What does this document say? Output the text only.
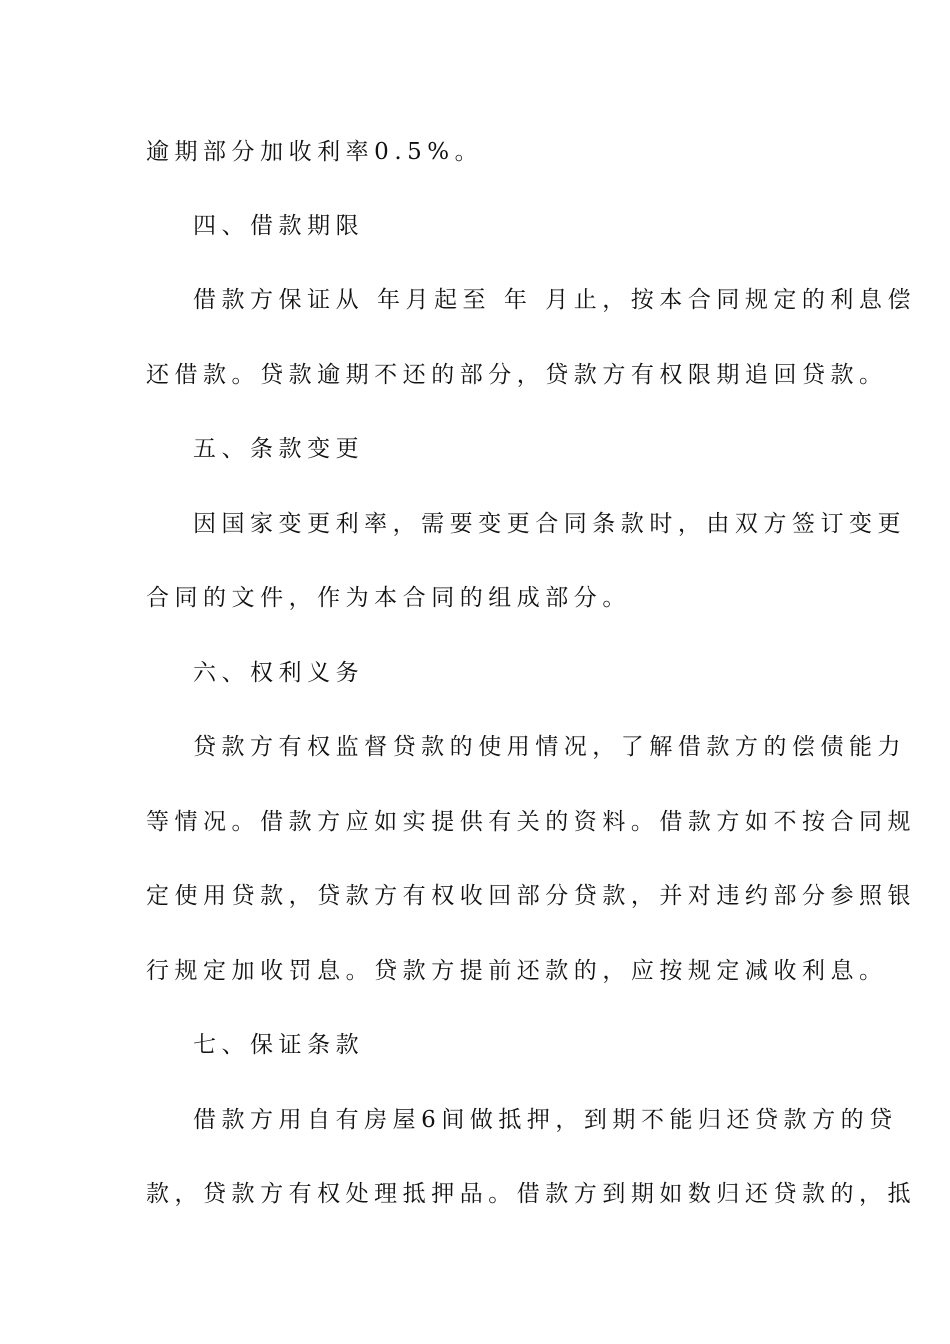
逾期部分加收利率0.5%。
四、借款期限
借款方保证从 年月起至 年 月止，按本合同规定的利息偿
还借款。贷款逾期不还的部分，贷款方有权限期追回贷款。
五、条款变更
因国家变更利率，需要变更合同条款时，由双方签订变更
合同的文件，作为本合同的组成部分。
六、权利义务
贷款方有权监督贷款的使用情况，了解借款方的偿债能力
等情况。借款方应如实提供有关的资料。借款方如不按合同规
定使用贷款，贷款方有权收回部分贷款，并对违约部分参照银
行规定加收罚息。贷款方提前还款的，应按规定减收利息。
七、保证条款
借款方用自有房屋6间做抵押，到期不能归还贷款方的贷
款，贷款方有权处理抵押品。借款方到期如数归还贷款的，抵
